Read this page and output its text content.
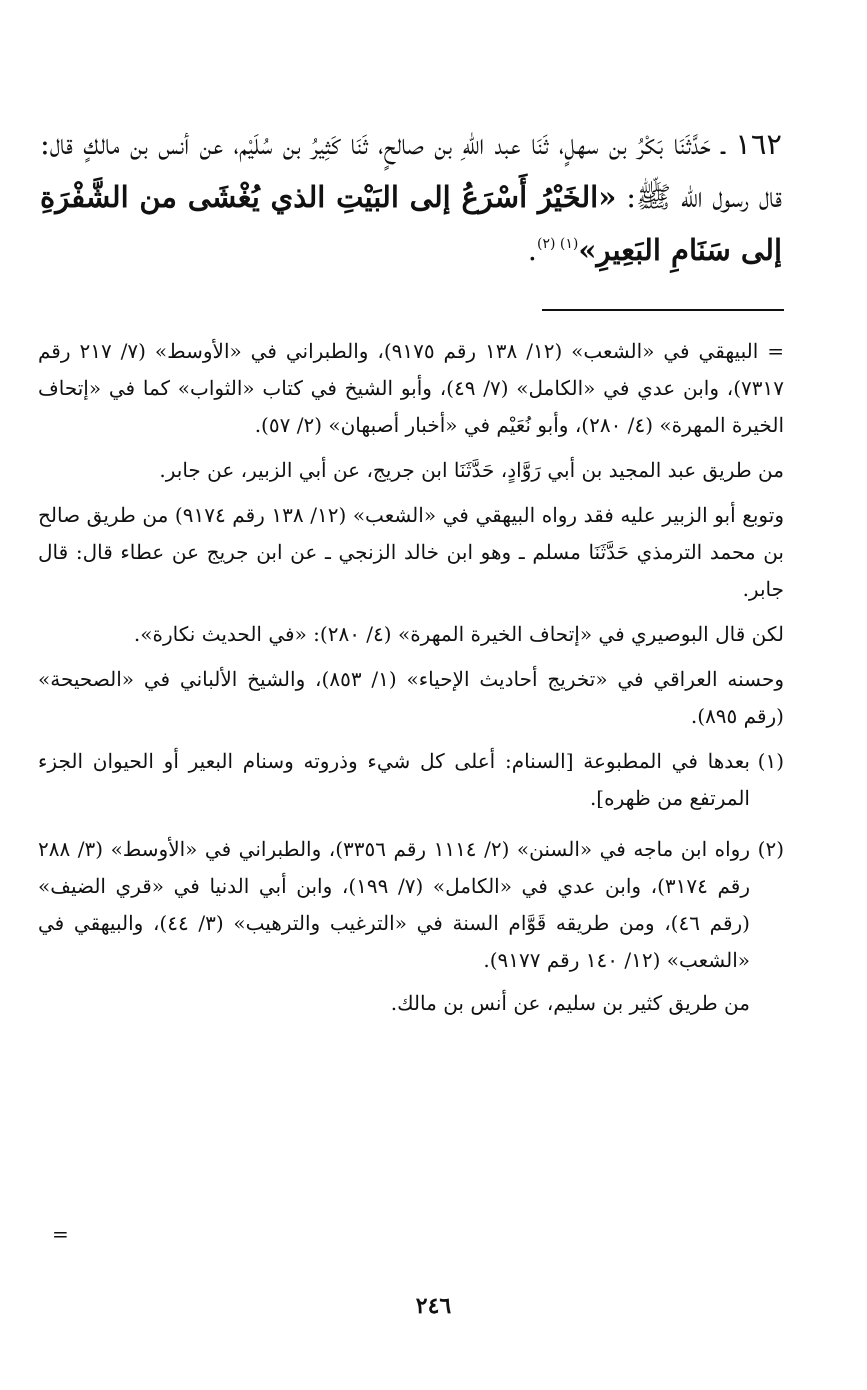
١٦٢ ـ حَدَّثَنَا بَكْرُ بن سهلٍ، ثَنَا عبد اللهِ بن صالحٍ، ثَنَا كَثِيرُ بن سُلَيْم، عن أنس بن مالكٍ قال: قال رسول الله ﷺ: «الخَيْرُ أَسْرَعُ إلى البَيْتِ الذي يُغْشَى من الشَّفْرَةِ إلى سَنَامِ البَعِيرِ»$^{(١) (٢)}$.

= البيهقي في «الشعب» (١٢/ ١٣٨ رقم ٩١٧٥)، والطبراني في «الأوسط» (٧/ ٢١٧ رقم ٧٣١٧)، وابن عدي في «الكامل» (٧/ ٤٩)، وأبو الشيخ في كتاب «الثواب» كما في «إتحاف الخيرة المهرة» (٤/ ٢٨٠)، وأبو نُعَيْم في «أخبار أصبهان» (٢/ ٥٧).

من طريق عبد المجيد بن أبي رَوَّادٍ، حَدَّثَنَا ابن جريج، عن أبي الزبير، عن جابر.

وتوبع أبو الزبير عليه فقد رواه البيهقي في «الشعب» (١٢/ ١٣٨ رقم ٩١٧٤) من طريق صالح بن محمد الترمذي حَدَّثَنَا مسلم ـ وهو ابن خالد الزنجي ـ عن ابن جريج عن عطاء قال: قال جابر.

لكن قال البوصيري في «إتحاف الخيرة المهرة» (٤/ ٢٨٠): «في الحديث نكارة».

وحسنه العراقي في «تخريج أحاديث الإحياء» (١/ ٨٥٣)، والشيخ الألباني في «الصحيحة» (رقم ٨٩٥).

(١)

بعدها في المطبوعة [السنام: أعلى كل شيء وذروته وسنام البعير أو الحيوان الجزء المرتفع من ظهره].

(٢)

رواه ابن ماجه في «السنن» (٢/ ١١١٤ رقم ٣٣٥٦)، والطبراني في «الأوسط» (٣/ ٢٨٨ رقم ٣١٧٤)، وابن عدي في «الكامل» (٧/ ١٩٩)، وابن أبي الدنيا في «قري الضيف» (رقم ٤٦)، ومن طريقه قَوَّام السنة في «الترغيب والترهيب» (٣/ ٤٤)، والبيهقي في «الشعب» (١٢/ ١٤٠ رقم ٩١٧٧).

من طريق كثير بن سليم، عن أنس بن مالك.

=
٢٤٦
